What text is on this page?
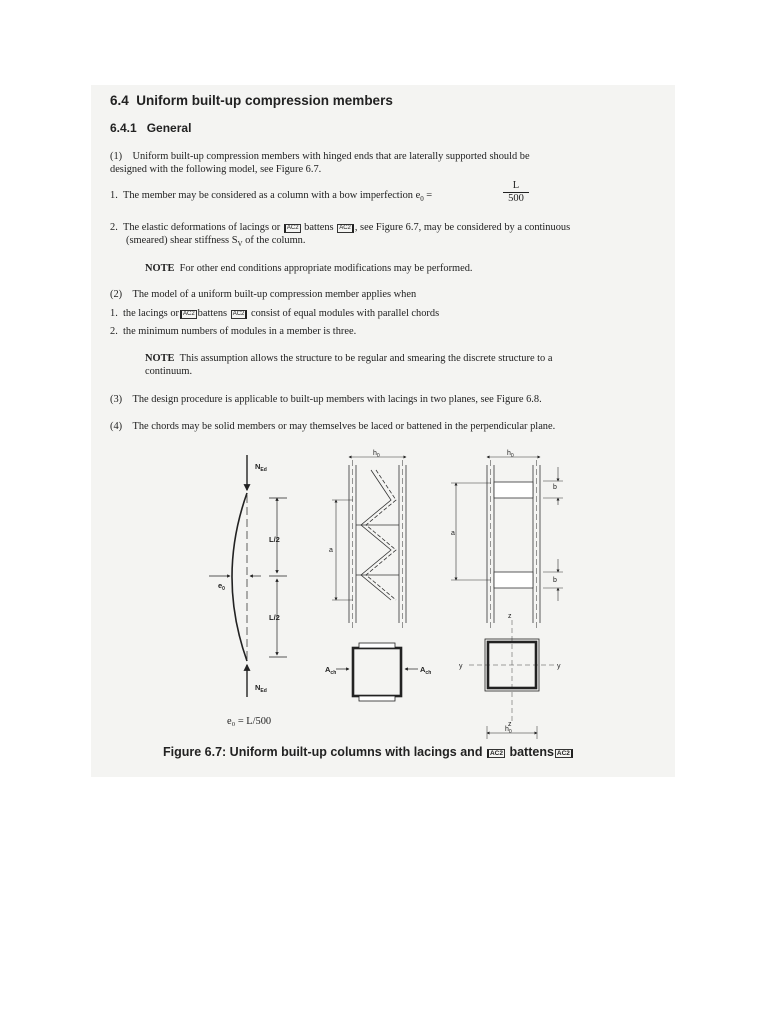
6.4 Uniform built-up compression members
6.4.1 General
(1) Uniform built-up compression members with hinged ends that are laterally supported should be
designed with the following model, see Figure 6.7.
1. The member may be considered as a column with a bow imperfection $e_0$ =	$\frac{L}{500}$
2. The elastic deformations of lacings or AC2 battens AC2 , see Figure 6.7, may be considered by a continuous
(smeared) shear stiffness $S_V$ of the column.
NOTE For other end conditions appropriate modifications may be performed.
(2) The model of a uniform built-up compression member applies when
1. the lacings or AC2 battens AC2 consist of equal modules with parallel chords
2. the minimum numbers of modules in a member is three.
NOTE This assumption allows the structure to be regular and smearing the discrete structure to a
continuum.
(3) The design procedure is applicable to built-up members with lacings in two planes, see Figure 6.8.
(4) The chords may be solid members or may themselves be laced or battened in the perpendicular plane.
$N_{Ed}$
$N_{Ed}$
L/2
L/2
$e_0$
$h_0$
a
$A_{ch}$	$A_{ch}$
$h_0$
a
b
b
y	y
z
z
$h_0$
e₀ = L/500
Figure 6.7: Uniform built-up columns with lacings and AC2 battens AC2
